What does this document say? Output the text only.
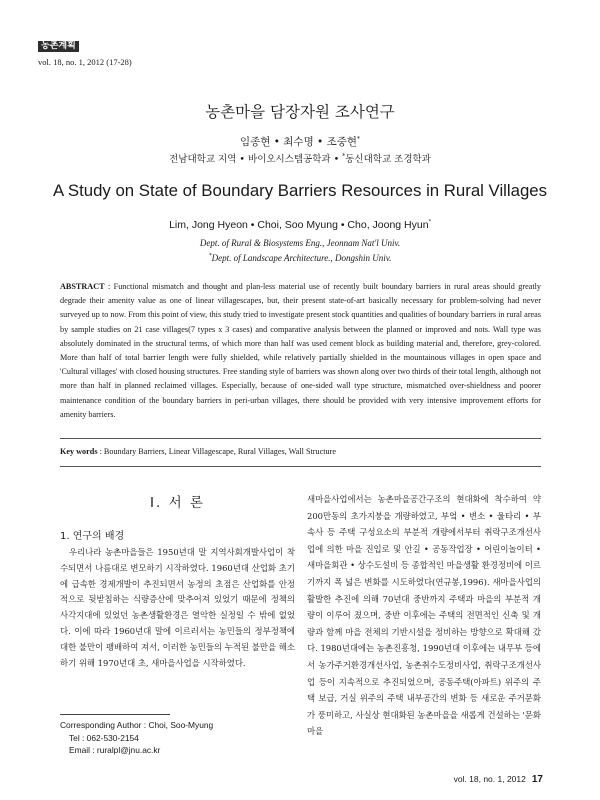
농촌계획
vol. 18, no. 1, 2012 (17-28)
농촌마을 담장자원 조사연구
임종현 • 최수명 • 조중현*
전남대학교 지역 • 바이오시스템공학과 • *동신대학교 조경학과
A Study on State of Boundary Barriers Resources in Rural Villages
Lim, Jong Hyeon • Choi, Soo Myung • Cho, Joong Hyun*
Dept. of Rural & Biosystems Eng., Jeonnam Nat'l Univ.
*Dept. of Landscape Architecture., Dongshin Univ.

ABSTRACT : Functional mismatch and thought and plan-less material use of recently built boundary barriers in rural areas should greatly degrade their amenity value as one of linear villagescapes, but, their present state-of-art basically necessary for problem-solving had never surveyed up to now. From this point of view, this study tried to investigate present stock quantities and qualities of boundary barriers in rural areas by sample studies on 21 case villages(7 types x 3 cases) and comparative analysis between the planned or improved and nots. Wall type was absolutely dominated in the structural terms, of which more than half was used cement block as building material and, therefore, grey-colored. More than half of total barrier length were fully shielded, while relatively partially shielded in the mountainous villages in open space and 'Cultural villages' with closed housing structures. Free standing style of barriers was shown along over two thirds of their total length, although not more than half in planned reclaimed villages. Especially, because of one-sided wall type structure, mismatched over-shieldness and poorer maintenance condition of the boundary barriers in peri-urban villages, there should be provided with very intensive improvement efforts for amenity barriers.

Key words : Boundary Barriers, Linear Villagescape, Rural Villages, Wall Structure
Ⅰ. 서 론
1. 연구의 배경

우리나라 농촌마을들은 1950년대 말 지역사회개발사업이 착수되면서 나름대로 변모하기 시작하였다. 1960년대 산업화 초기에 급속한 경제개발이 추진되면서 농정의 초점은 산업화를 안정적으로 뒷받침하는 식량증산에 맞추어져 있었기 때문에 정책의 사각지대에 있었던 농촌생활환경은 열악한 실정일 수 밖에 없었다. 이에 따라 1960년대 말에 이르러서는 농민들의 정부정책에 대한 불만이 팽배하여 져서, 이러한 농민들의 누적된 불만을 해소하기 위해 1970년대 초, 새마을사업을 시작하였다.

새마을사업에서는 농촌마을공간구조의 현대화에 착수하여 약 200만동의 초가지붕을 개량하였고, 부엌 • 변소 • 울타리 • 부속사 등 주택 구성요소의 부분적 개량에서부터 취락구조개선사업에 의한 마을 진입로 및 안길 • 공동작업장 • 어린이놀이터 • 새마을회관 • 상수도설비 등 종합적인 마을생활 환경정비에 이르기까지 폭 넓은 변화를 시도하였다(연규봉,1996). 새마을사업의 활발한 추진에 의해 70년대 중반까지 주택과 마을의 부분적 개량이 이루어 졌으며, 중반 이후에는 주택의 전면적인 신축 및 개량과 함께 마을 전체의 기반시설을 정비하는 방향으로 확대해 갔다. 1980년대에는 농촌진흥청, 1990년대 이후에는 내무부 등에서 농가주거환경개선사업, 농촌취수도정비사업, 취락구조개선사업 등이 지속적으로 추진되었으며, 공동주택(아파트) 위주의 주택 보급, 거실 위주의 주택 내부공간의 변화 등 새로운 주거문화가 풍미하고, 사실상 현대화된 농촌마을을 새롭게 건설하는 '문화마을

Corresponding Author : Choi, Soo-Myung
Tel : 062-530-2154
Email : ruralpl@jnu.ac.kr
vol. 18, no. 1, 2012 17
